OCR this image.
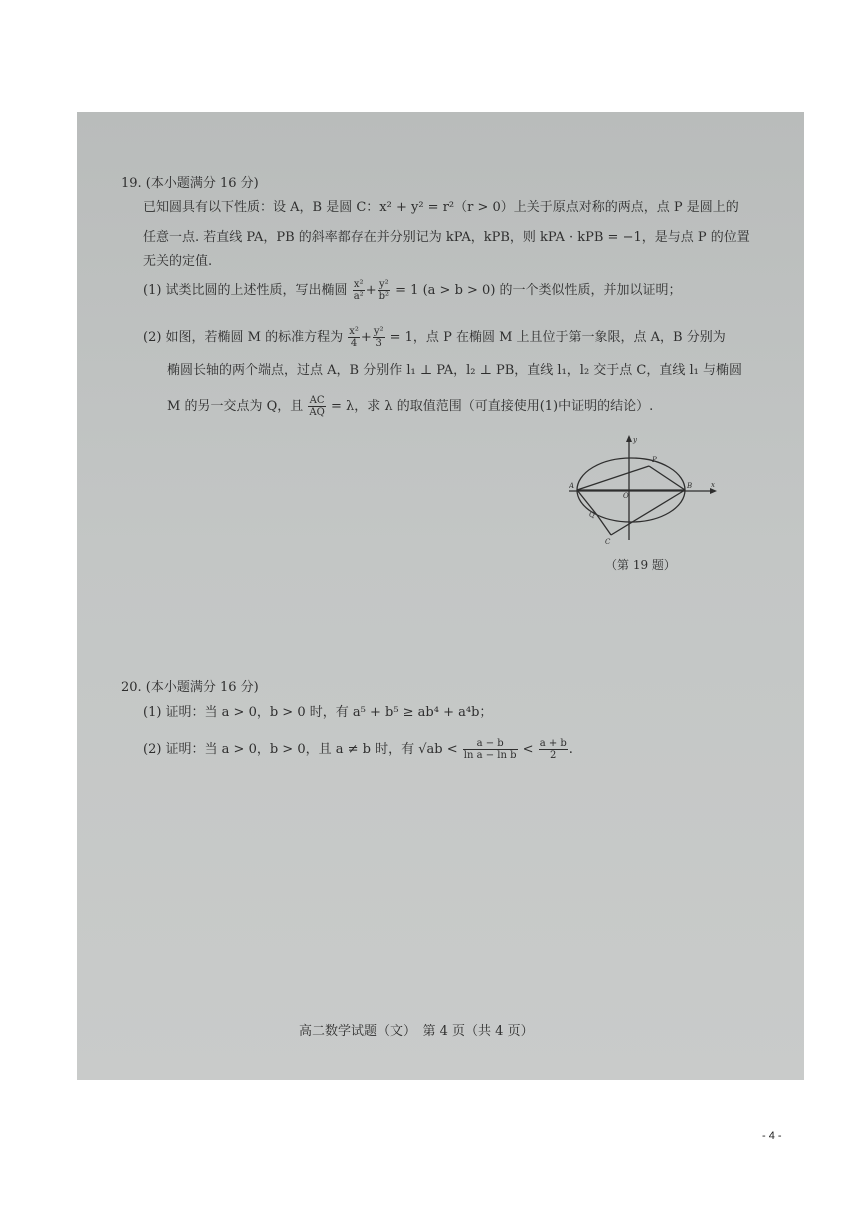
19. (本小题满分 16 分)
已知圆具有以下性质：设 A，B 是圆 C：x² + y² = r²（r > 0）上关于原点对称的两点，点 P 是圆上的
任意一点. 若直线 PA，PB 的斜率都存在并分别记为 kPA，kPB，则 kPA · kPB = −1，是与点 P 的位置
无关的定值.
(1) 试类比圆的上述性质，写出椭圆 $\frac{\text{x²}}{\text{a²}} + \frac{\text{y²}}{\text{b²}} = 1$ (a > b > 0) 的一个类似性质，并加以证明；
(2) 如图，若椭圆 M 的标准方程为 $\frac{\text{x²}}{4} + \frac{\text{y²}}{3} = 1$，点 P 在椭圆 M 上且位于第一象限，点 A，B 分别为
椭圆长轴的两个端点，过点 A，B 分别作 l₁ ⊥ PA，l₂ ⊥ PB，直线 l₁，l₂ 交于点 C，直线 l₁ 与椭圆
M 的另一交点为 Q，且 $\frac{AC}{AQ} = \lambda$，求 λ 的取值范围（可直接使用(1)中证明的结论）.
y
x
A	B
O
P
Q
C
（第 19 题）
20. (本小题满分 16 分)
(1) 证明：当 a > 0，b > 0 时，有 a⁵ + b⁵ ≥ ab⁴ + a⁴b；
(2) 证明：当 a > 0，b > 0，且 a ≠ b 时，有 $√ab < \frac{a - b}{\text{ln a − ln b}} < \frac{a + b}{2}$ .
高二数学试题（文）　第 4 页（共 4 页）
- 4 -
